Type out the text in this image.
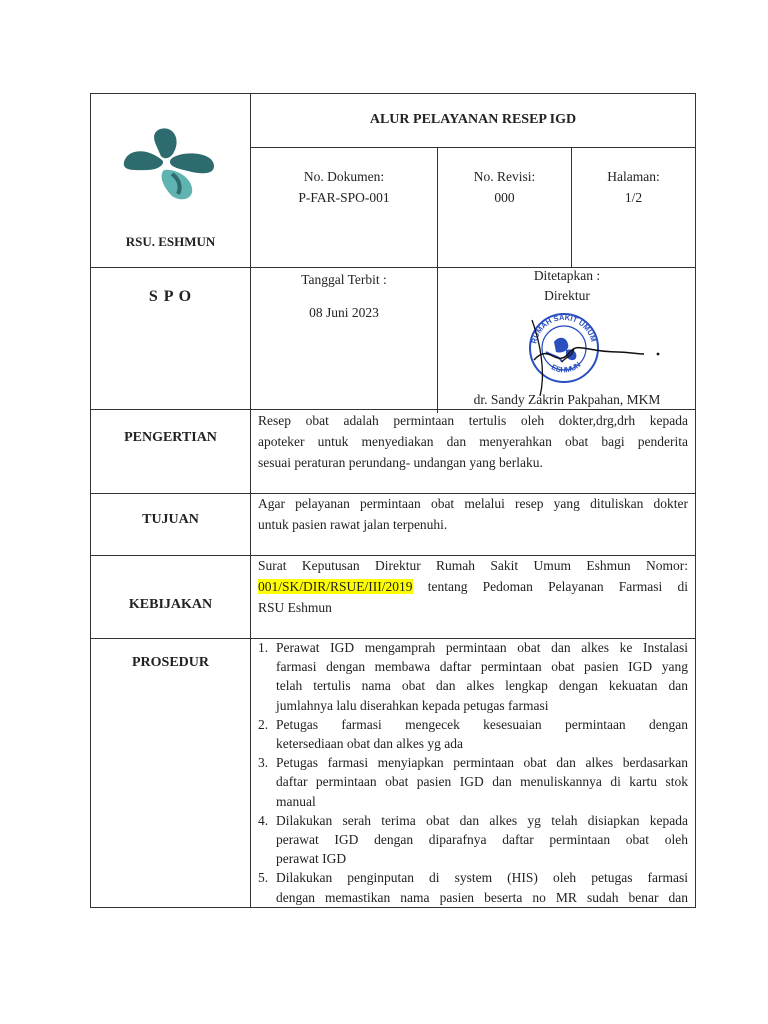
RSU. ESHMUN
ALUR PELAYANAN RESEP IGD
No. Dokumen:
P-FAR-SPO-001
No. Revisi:
000
Halaman:
1/2
S P O
Tanggal Terbit :
08 Juni 2023
Ditetapkan :
Direktur
RUMAH SAKIT UMUM
ESHMUN
dr. Sandy Zakrin Pakpahan, MKM
PENGERTIAN
Resep obat adalah permintaan tertulis oleh dokter,drg,drh kepada
apoteker untuk menyediakan dan menyerahkan obat bagi penderita
sesuai peraturan perundang- undangan yang berlaku.
TUJUAN
Agar pelayanan permintaan obat melalui resep yang dituliskan dokter
untuk pasien rawat jalan terpenuhi.
KEBIJAKAN
Surat Keputusan Direktur Rumah Sakit Umum Eshmun Nomor:
001/SK/DIR/RSUE/III/2019 tentang Pedoman Pelayanan Farmasi di
RSU Eshmun
PROSEDUR
1. Perawat IGD mengamprah permintaan obat dan alkes ke Instalasi
farmasi dengan membawa daftar permintaan obat pasien IGD yang
telah tertulis nama obat dan alkes lengkap dengan kekuatan dan
jumlahnya lalu diserahkan kepada petugas farmasi
2. Petugas farmasi mengecek kesesuaian permintaan dengan
ketersediaan obat dan alkes yg ada
3. Petugas farmasi menyiapkan permintaan obat dan alkes berdasarkan
daftar permintaan obat pasien IGD dan menuliskannya di kartu stok
manual
4. Dilakukan serah terima obat dan alkes yg telah disiapkan kepada
perawat IGD dengan diparafnya daftar permintaan obat oleh
perawat IGD
5. Dilakukan penginputan di system (HIS) oleh petugas farmasi
dengan memastikan nama pasien beserta no MR sudah benar dan
